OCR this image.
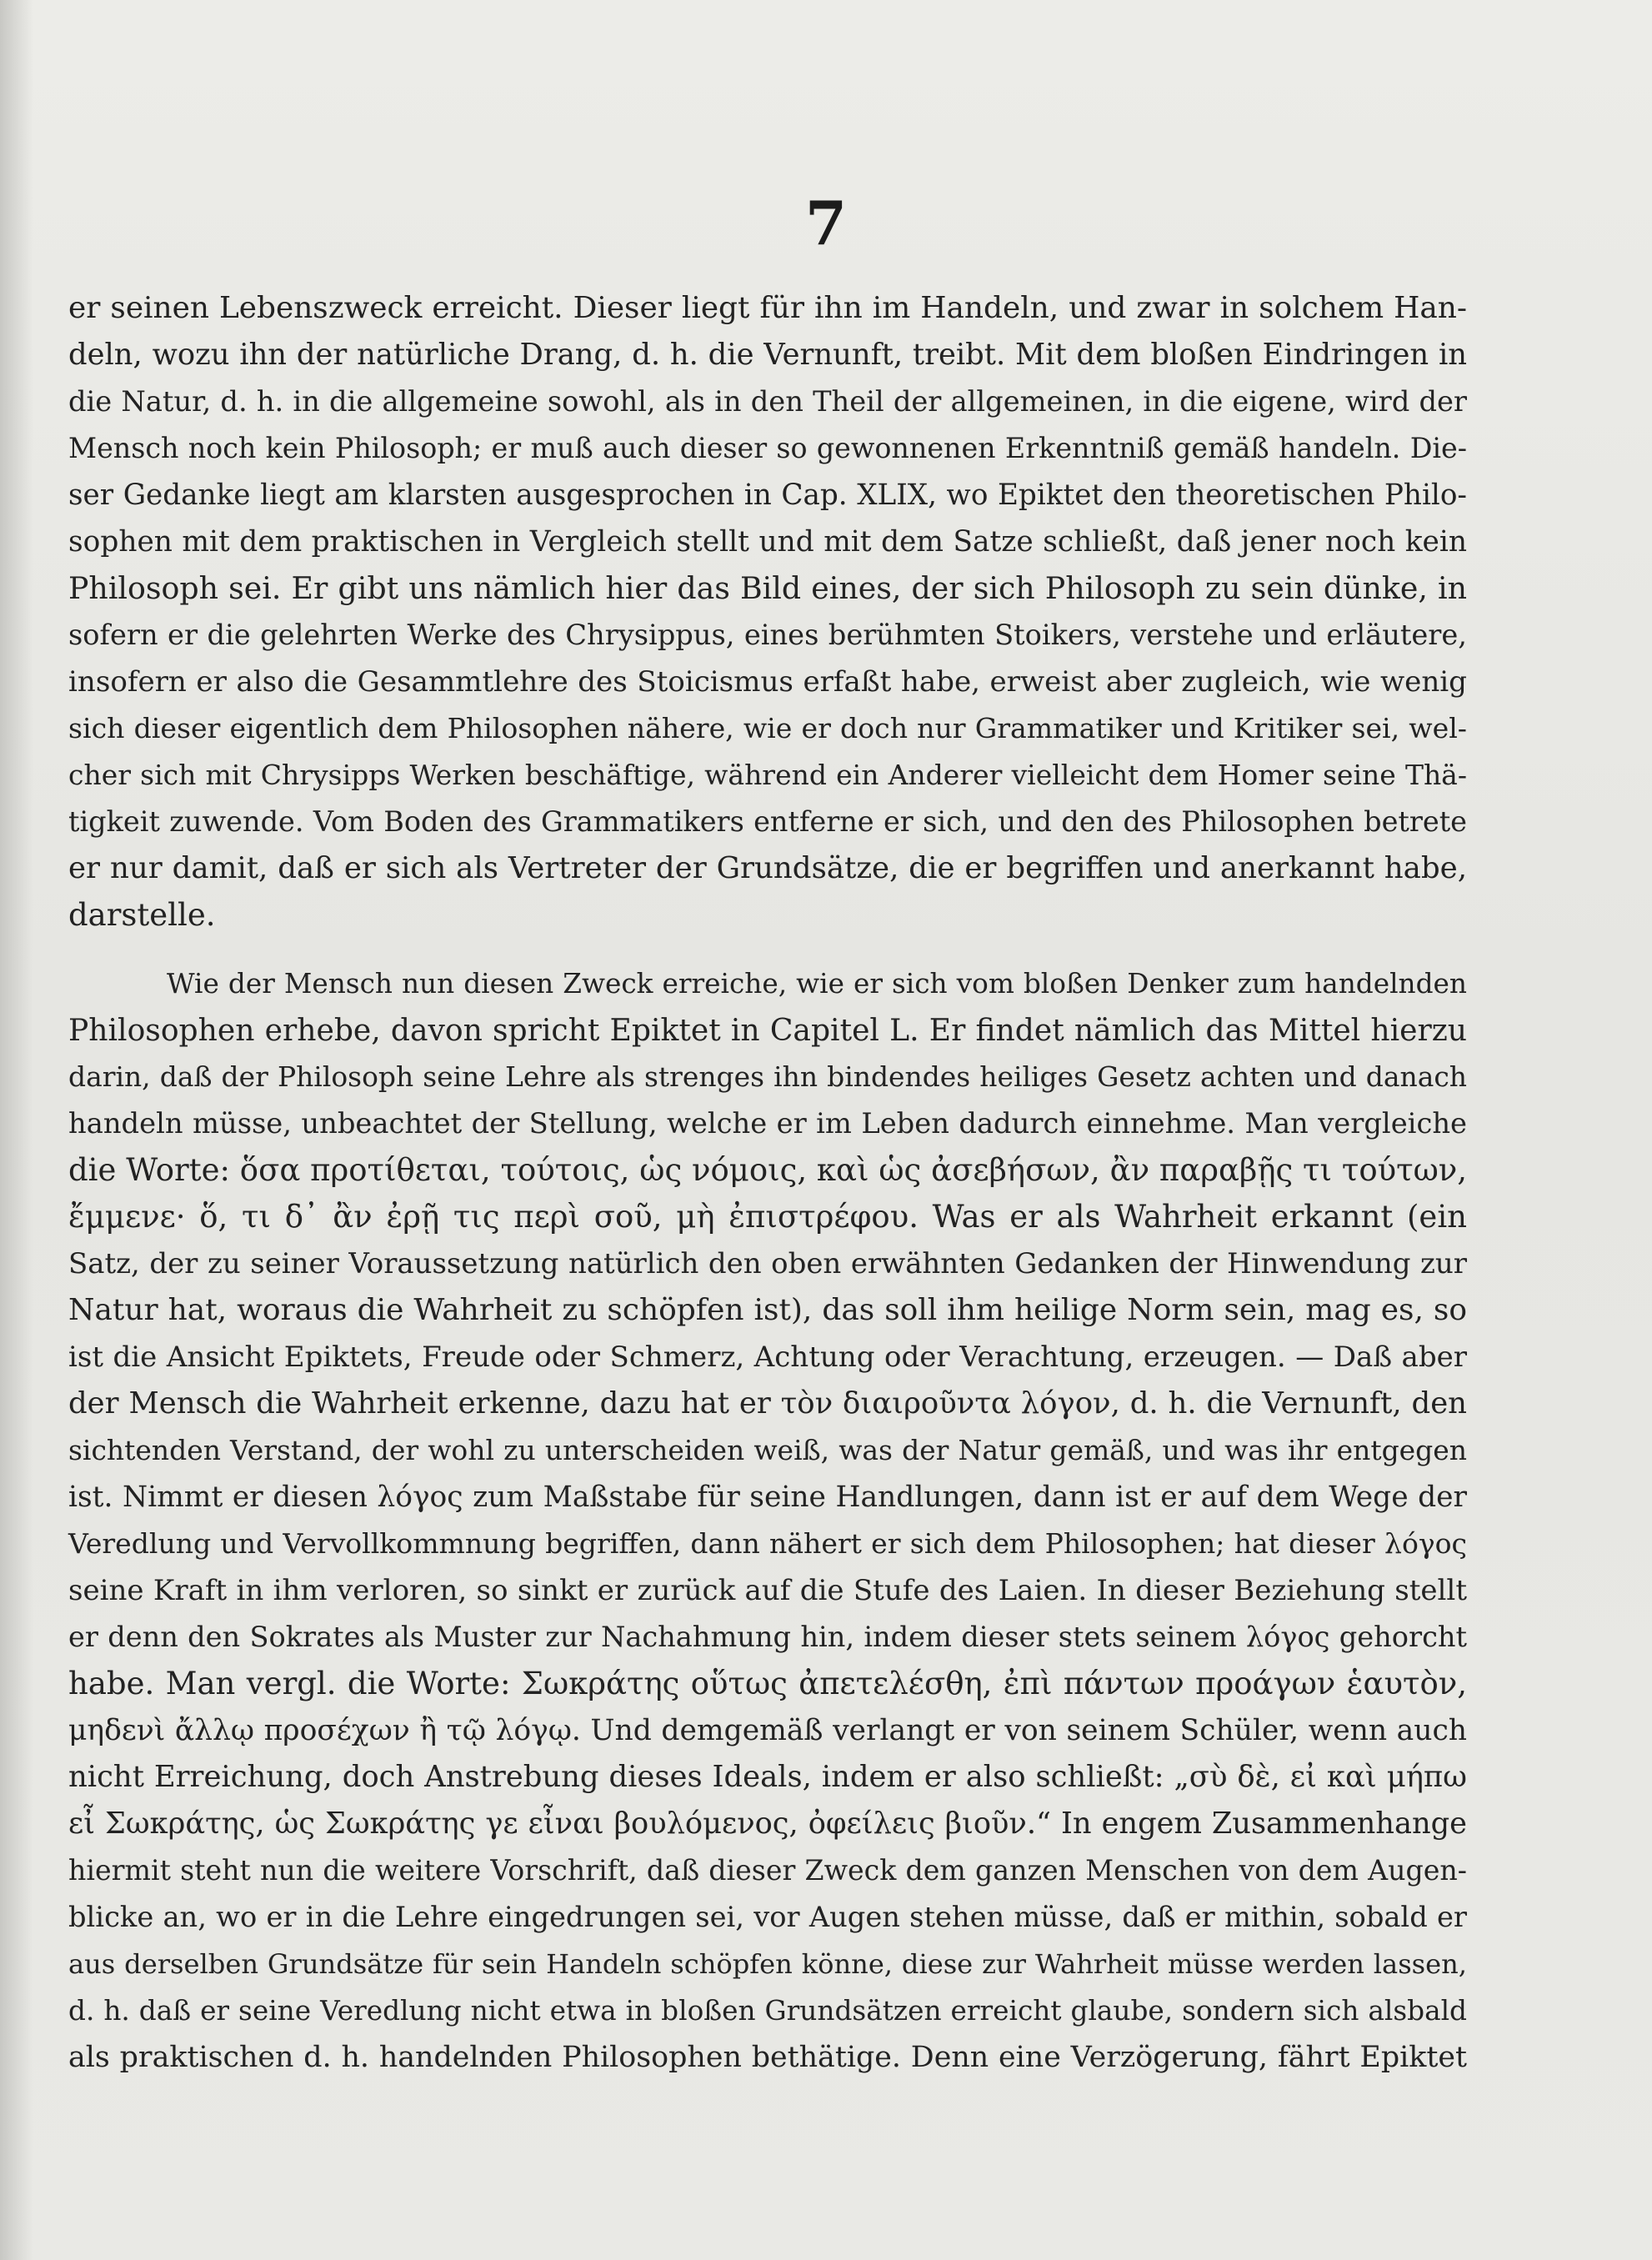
7
er seinen Lebenszweck erreicht. Dieser liegt für ihn im Handeln, und zwar in solchem Han-
deln, wozu ihn der natürliche Drang, d. h. die Vernunft, treibt. Mit dem bloßen Eindringen in
die Natur, d. h. in die allgemeine sowohl, als in den Theil der allgemeinen, in die eigene, wird der
Mensch noch kein Philosoph; er muß auch dieser so gewonnenen Erkenntniß gemäß handeln. Die-
ser Gedanke liegt am klarsten ausgesprochen in Cap. XLIX, wo Epiktet den theoretischen Philo-
sophen mit dem praktischen in Vergleich stellt und mit dem Satze schließt, daß jener noch kein
Philosoph sei. Er gibt uns nämlich hier das Bild eines, der sich Philosoph zu sein dünke, in
sofern er die gelehrten Werke des Chrysippus, eines berühmten Stoikers, verstehe und erläutere,
insofern er also die Gesammtlehre des Stoicismus erfaßt habe, erweist aber zugleich, wie wenig
sich dieser eigentlich dem Philosophen nähere, wie er doch nur Grammatiker und Kritiker sei, wel-
cher sich mit Chrysipps Werken beschäftige, während ein Anderer vielleicht dem Homer seine Thä-
tigkeit zuwende. Vom Boden des Grammatikers entferne er sich, und den des Philosophen betrete
er nur damit, daß er sich als Vertreter der Grundsätze, die er begriffen und anerkannt habe,
darstelle.
Wie der Mensch nun diesen Zweck erreiche, wie er sich vom bloßen Denker zum handelnden
Philosophen erhebe, davon spricht Epiktet in Capitel L. Er findet nämlich das Mittel hierzu
darin, daß der Philosoph seine Lehre als strenges ihn bindendes heiliges Gesetz achten und danach
handeln müsse, unbeachtet der Stellung, welche er im Leben dadurch einnehme. Man vergleiche
die Worte: ὅσα προτίθεται, τούτοις, ὡς νόμοις, καὶ ὡς ἀσεβήσων, ἂν παραβῇς τι τούτων,
ἔμμενε· ὅ, τι δ᾽ ἂν ἐρῇ τις περὶ σοῦ, μὴ ἐπιστρέφου. Was er als Wahrheit erkannt (ein
Satz, der zu seiner Voraussetzung natürlich den oben erwähnten Gedanken der Hinwendung zur
Natur hat, woraus die Wahrheit zu schöpfen ist), das soll ihm heilige Norm sein, mag es, so
ist die Ansicht Epiktets, Freude oder Schmerz, Achtung oder Verachtung, erzeugen. — Daß aber
der Mensch die Wahrheit erkenne, dazu hat er τὸν διαιροῦντα λόγον, d. h. die Vernunft, den
sichtenden Verstand, der wohl zu unterscheiden weiß, was der Natur gemäß, und was ihr entgegen
ist. Nimmt er diesen λόγος zum Maßstabe für seine Handlungen, dann ist er auf dem Wege der
Veredlung und Vervollkommnung begriffen, dann nähert er sich dem Philosophen; hat dieser λόγος
seine Kraft in ihm verloren, so sinkt er zurück auf die Stufe des Laien. In dieser Beziehung stellt
er denn den Sokrates als Muster zur Nachahmung hin, indem dieser stets seinem λόγος gehorcht
habe. Man vergl. die Worte: Σωκράτης οὕτως ἀπετελέσθη, ἐπὶ πάντων προάγων ἑαυτὸν,
μηδενὶ ἄλλῳ προσέχων ἢ τῷ λόγῳ. Und demgemäß verlangt er von seinem Schüler, wenn auch
nicht Erreichung, doch Anstrebung dieses Ideals, indem er also schließt: „σὺ δὲ, εἰ καὶ μήπω
εἶ Σωκράτης, ὡς Σωκράτης γε εἶναι βουλόμενος, ὀφείλεις βιοῦν.“ In engem Zusammenhange
hiermit steht nun die weitere Vorschrift, daß dieser Zweck dem ganzen Menschen von dem Augen-
blicke an, wo er in die Lehre eingedrungen sei, vor Augen stehen müsse, daß er mithin, sobald er
aus derselben Grundsätze für sein Handeln schöpfen könne, diese zur Wahrheit müsse werden lassen,
d. h. daß er seine Veredlung nicht etwa in bloßen Grundsätzen erreicht glaube, sondern sich alsbald
als praktischen d. h. handelnden Philosophen bethätige. Denn eine Verzögerung, fährt Epiktet
